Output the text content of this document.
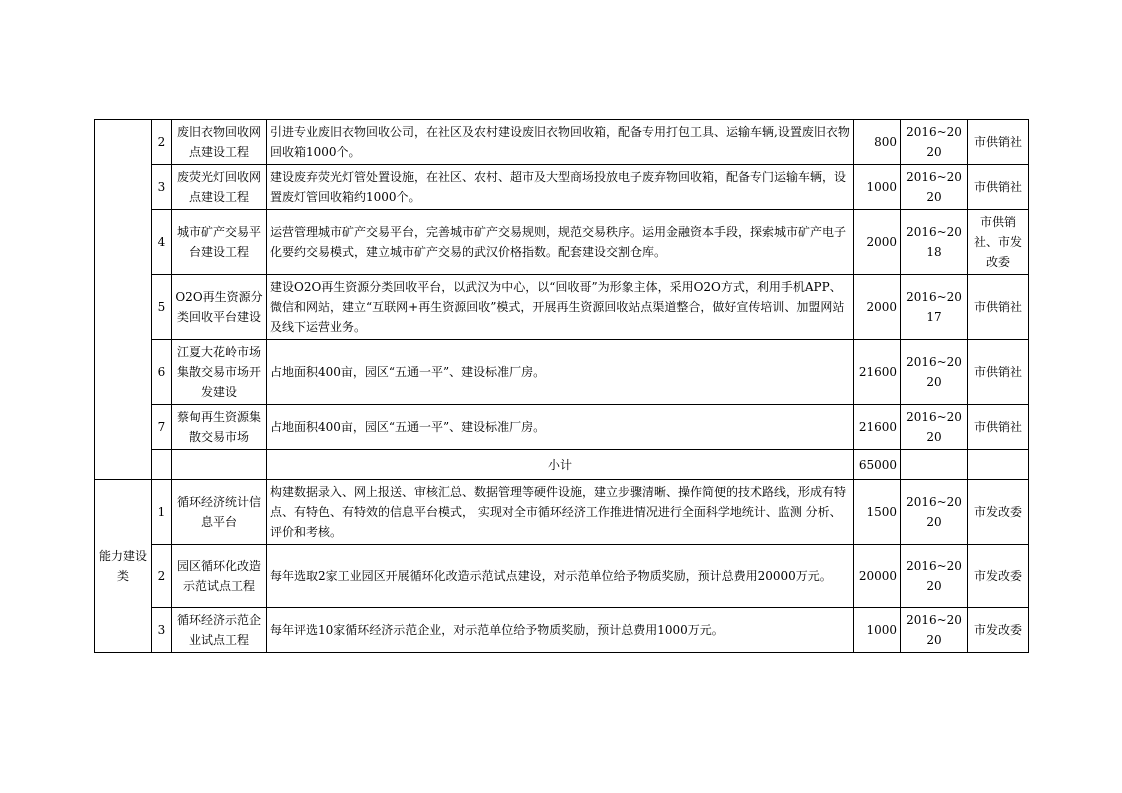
	2	废旧衣物回收网点建设工程	引进专业废旧衣物回收公司，在社区及农村建设废旧衣物回收箱，配备专用打包工具、运输车辆,设置废旧衣物回收箱1000个。	800	2016~2020	市供销社
	3	废荧光灯回收网点建设工程	建设废弃荧光灯管处置设施，在社区、农村、超市及大型商场投放电子废弃物回收箱，配备专门运输车辆，设置废灯管回收箱约1000个。	1000	2016~2020	市供销社
	4	城市矿产交易平台建设工程	运营管理城市矿产交易平台，完善城市矿产交易规则，规范交易秩序。运用金融资本手段，探索城市矿产电子化要约交易模式，建立城市矿产交易的武汉价格指数。配套建设交割仓库。	2000	2016~2018	市供销社、市发改委
	5	O2O再生资源分类回收平台建设	建设O2O再生资源分类回收平台，以武汉为中心，以“回收哥”为形象主体，采用O2O方式，利用手机APP、微信和网站，建立“互联网+再生资源回收”模式，开展再生资源回收站点渠道整合，做好宣传培训、加盟网站及线下运营业务。	2000	2016~2017	市供销社
	6	江夏大花岭市场集散交易市场开发建设	占地面积400亩，园区“五通一平”、建设标准厂房。	21600	2016~2020	市供销社
	7	蔡甸再生资源集散交易市场	占地面积400亩，园区“五通一平”、建设标准厂房。	21600	2016~2020	市供销社
			小计	65000		
能力建设类	1	循环经济统计信息平台	构建数据录入、网上报送、审核汇总、数据管理等硬件设施，建立步骤清晰、操作简便的技术路线，形成有特点、有特色、有特效的信息平台模式， 实现对全市循环经济工作推进情况进行全面科学地统计、监测 分析、评价和考核。	1500	2016~2020	市发改委
	2	园区循环化改造示范试点工程	每年选取2家工业园区开展循环化改造示范试点建设，对示范单位给予物质奖励，预计总费用20000万元。	20000	2016~2020	市发改委
	3	循环经济示范企业试点工程	每年评选10家循环经济示范企业，对示范单位给予物质奖励，预计总费用1000万元。	1000	2016~2020	市发改委
